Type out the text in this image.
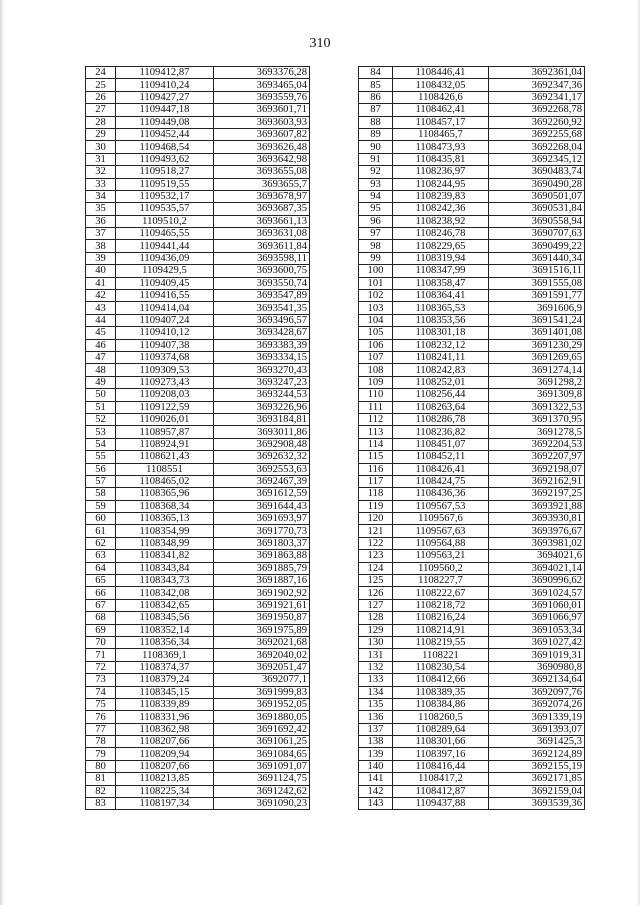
310
24	1109412,87	3693376,28
25	1109410,24	3693465,04
26	1109427,27	3693559,76
27	1109447,18	3693601,71
28	1109449,08	3693603,93
29	1109452,44	3693607,82
30	1109468,54	3693626,48
31	1109493,62	3693642,98
32	1109518,27	3693655,08
33	1109519,55	3693655,7
34	1109532,17	3693678,97
35	1109535,57	3693687,35
36	1109510,2	3693661,13
37	1109465,55	3693631,08
38	1109441,44	3693611,84
39	1109436,09	3693598,11
40	1109429,5	3693600,75
41	1109409,45	3693550,74
42	1109416,55	3693547,89
43	1109414,04	3693541,35
44	1109407,24	3693496,57
45	1109410,12	3693428,67
46	1109407,38	3693383,39
47	1109374,68	3693334,15
48	1109309,53	3693270,43
49	1109273,43	3693247,23
50	1109208,03	3693244,53
51	1109122,59	3693226,96
52	1109026,01	3693184,81
53	1108957,87	3693011,86
54	1108924,91	3692908,48
55	1108621,43	3692632,32
56	1108551	3692553,63
57	1108465,02	3692467,39
58	1108365,96	3691612,59
59	1108368,34	3691644,43
60	1108365,13	3691693,97
61	1108354,99	3691770,73
62	1108348,99	3691803,37
63	1108341,82	3691863,88
64	1108343,84	3691885,79
65	1108343,73	3691887,16
66	1108342,08	3691902,92
67	1108342,65	3691921,61
68	1108345,56	3691950,87
69	1108352,14	3691975,89
70	1108356,34	3692021,68
71	1108369,1	3692040,02
72	1108374,37	3692051,47
73	1108379,24	3692077,1
74	1108345,15	3691999,83
75	1108339,89	3691952,05
76	1108331,96	3691880,05
77	1108362,98	3691692,42
78	1108207,66	3691061,25
79	1108209,94	3691084,65
80	1108207,66	3691091,07
81	1108213,85	3691124,75
82	1108225,34	3691242,62
83	1108197,34	3691090,23
84	1108446,41	3692361,04
85	1108432,05	3692347,36
86	1108426,6	3692341,17
87	1108462,41	3692268,78
88	1108457,17	3692260,92
89	1108465,7	3692255,68
90	1108473,93	3692268,04
91	1108435,81	3692345,12
92	1108236,97	3690483,74
93	1108244,95	3690490,28
94	1108239,83	3690501,07
95	1108242,36	3690531,84
96	1108238,92	3690558,94
97	1108246,78	3690707,63
98	1108229,65	3690499,22
99	1108319,94	3691440,34
100	1108347,99	3691516,11
101	1108358,47	3691555,08
102	1108364,41	3691591,77
103	1108365,53	3691606,9
104	1108353,56	3691541,24
105	1108301,18	3691401,08
106	1108232,12	3691230,29
107	1108241,11	3691269,65
108	1108242,83	3691274,14
109	1108252,01	3691298,2
110	1108256,44	3691309,8
111	1108263,64	3691322,53
112	1108286,78	3691370,95
113	1108236,82	3691278,5
114	1108451,07	3692204,53
115	1108452,11	3692207,97
116	1108426,41	3692198,07
117	1108424,75	3692162,91
118	1108436,36	3692197,25
119	1109567,53	3693921,88
120	1109567,6	3693930,81
121	1109567,63	3693976,67
122	1109564,88	3693981,02
123	1109563,21	3694021,6
124	1109560,2	3694021,14
125	1108227,7	3690996,62
126	1108222,67	3691024,57
127	1108218,72	3691060,01
128	1108216,24	3691066,97
129	1108214,91	3691053,34
130	1108219,55	3691027,42
131	1108221	3691019,31
132	1108230,54	3690980,8
133	1108412,66	3692134,64
134	1108389,35	3692097,76
135	1108384,86	3692074,26
136	1108260,5	3691339,19
137	1108289,64	3691393,07
138	1108301,66	3691425,3
139	1108397,16	3692124,89
140	1108416,44	3692155,19
141	1108417,2	3692171,85
142	1108412,87	3692159,04
143	1109437,88	3693539,36
